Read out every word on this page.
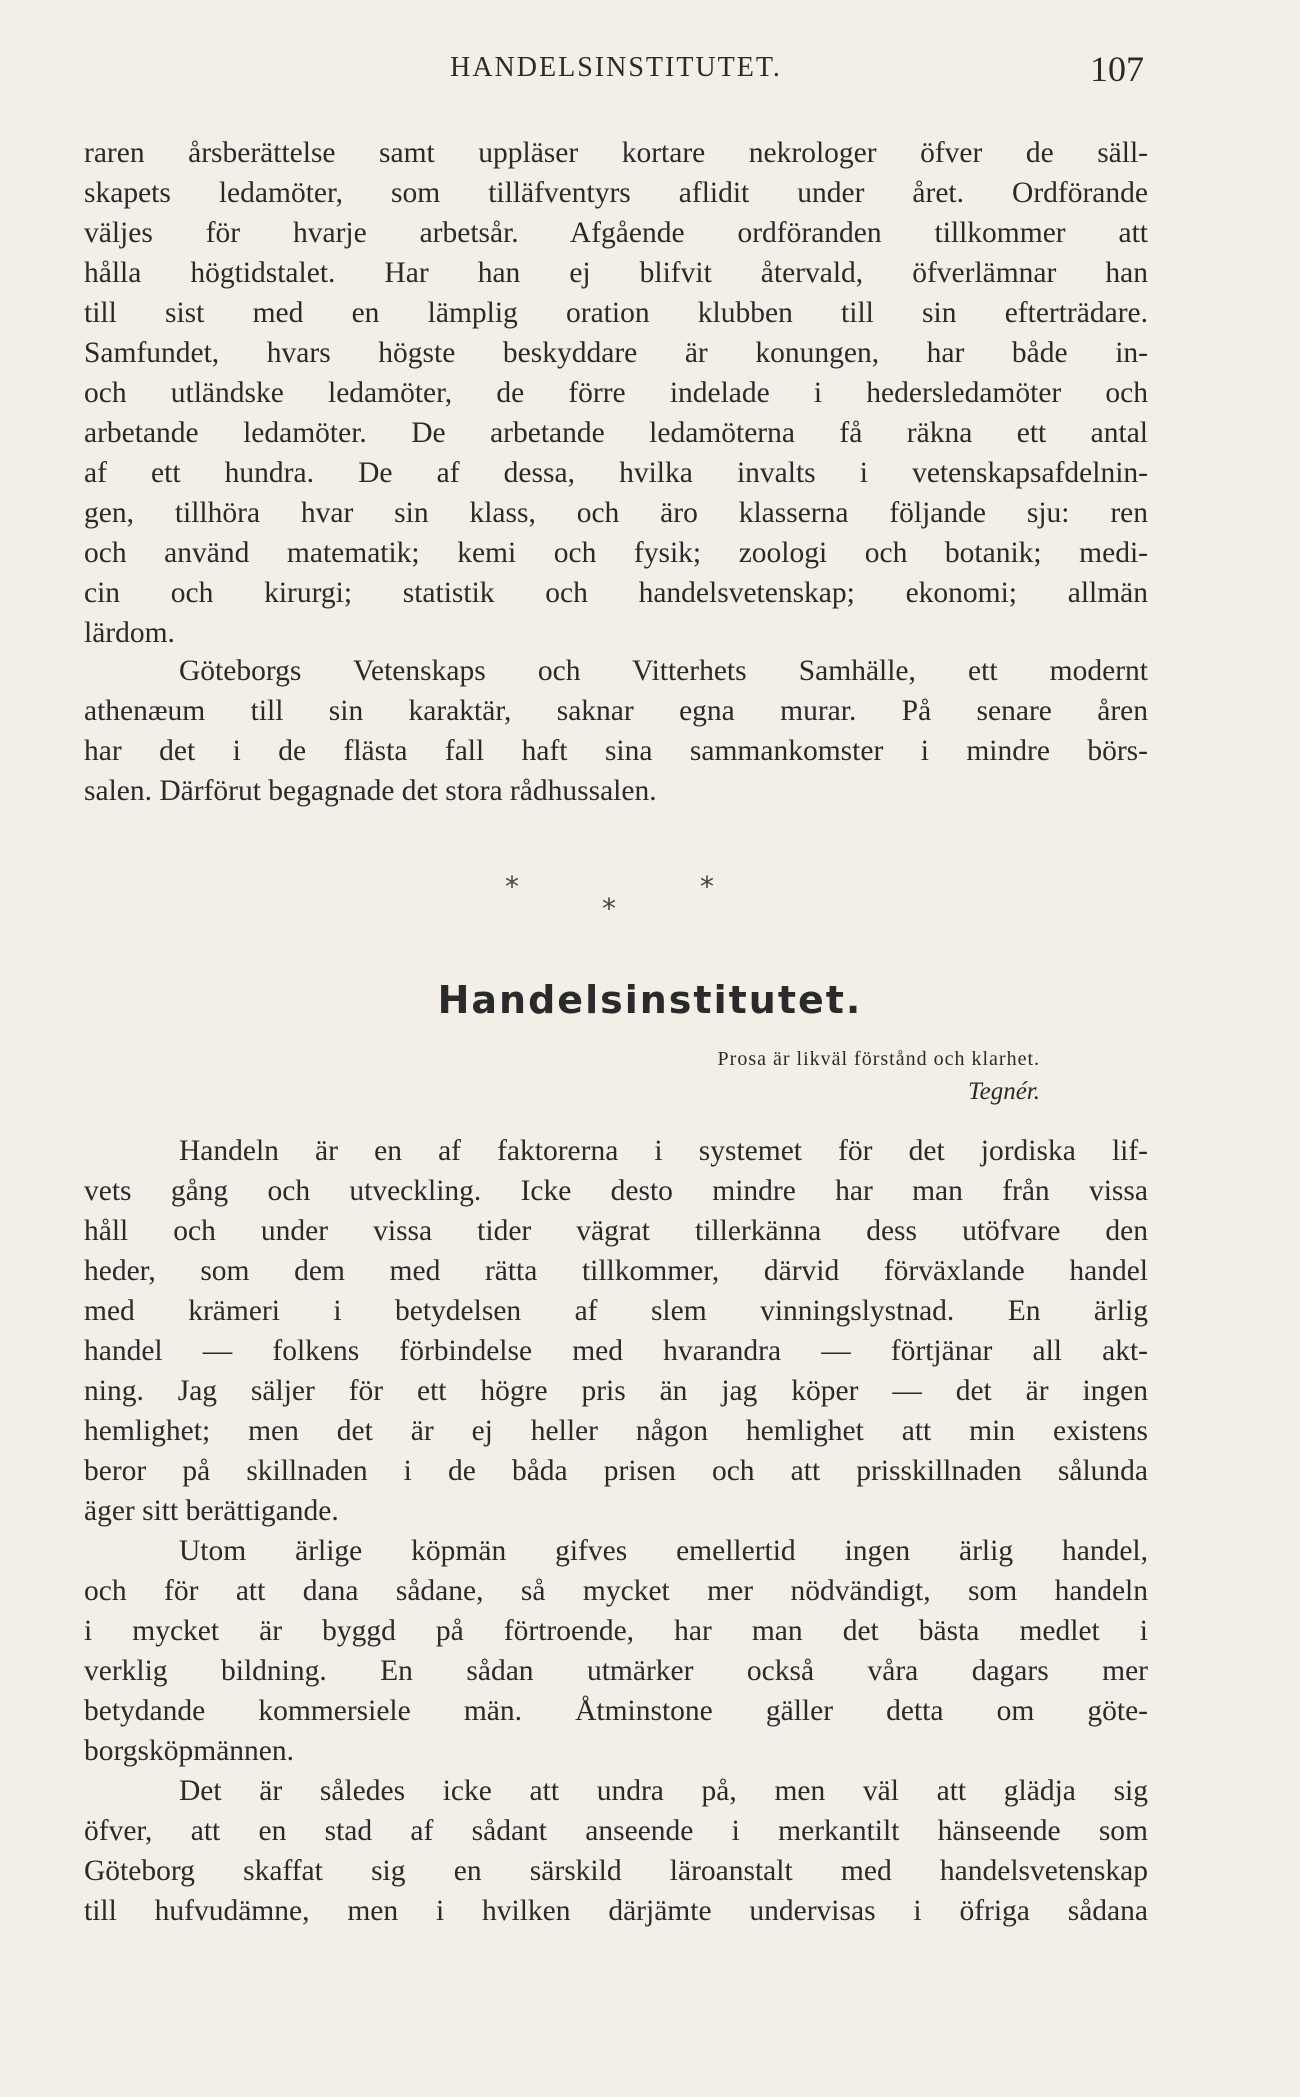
HANDELSINSTITUTET.	107
raren årsberättelse samt uppläser kortare nekrologer öfver de säll-
skapets ledamöter, som tilläfventyrs aflidit under året. Ordförande
väljes för hvarje arbetsår. Afgående ordföranden tillkommer att
hålla högtidstalet. Har han ej blifvit återvald, öfverlämnar han
till sist med en lämplig oration klubben till sin efterträdare.
Samfundet, hvars högste beskyddare är konungen, har både in-
och utländske ledamöter, de förre indelade i hedersledamöter och
arbetande ledamöter. De arbetande ledamöterna få räkna ett antal
af ett hundra. De af dessa, hvilka invalts i vetenskapsafdelnin-
gen, tillhöra hvar sin klass, och äro klasserna följande sju: ren
och använd matematik; kemi och fysik; zoologi och botanik; medi-
cin och kirurgi; statistik och handelsvetenskap; ekonomi; allmän
lärdom.
Göteborgs Vetenskaps och Vitterhets Samhälle, ett modernt
athenæum till sin karaktär, saknar egna murar. På senare åren
har det i de flästa fall haft sina sammankomster i mindre börs-
salen. Därförut begagnade det stora rådhussalen.
*	*
*
Handelsinstitutet.
Prosa är likväl förstånd och klarhet.
Tegnér.
Handeln är en af faktorerna i systemet för det jordiska lif-
vets gång och utveckling. Icke desto mindre har man från vissa
håll och under vissa tider vägrat tillerkänna dess utöfvare den
heder, som dem med rätta tillkommer, därvid förväxlande handel
med krämeri i betydelsen af slem vinningslystnad. En ärlig
handel — folkens förbindelse med hvarandra — förtjänar all akt-
ning. Jag säljer för ett högre pris än jag köper — det är ingen
hemlighet; men det är ej heller någon hemlighet att min existens
beror på skillnaden i de båda prisen och att prisskillnaden sålunda
äger sitt berättigande.
Utom ärlige köpmän gifves emellertid ingen ärlig handel,
och för att dana sådane, så mycket mer nödvändigt, som handeln
i mycket är byggd på förtroende, har man det bästa medlet i
verklig bildning. En sådan utmärker också våra dagars mer
betydande kommersiele män. Åtminstone gäller detta om göte-
borgsköpmännen.
Det är således icke att undra på, men väl att glädja sig
öfver, att en stad af sådant anseende i merkantilt hänseende som
Göteborg skaffat sig en särskild läroanstalt med handelsvetenskap
till hufvudämne, men i hvilken därjämte undervisas i öfriga sådana
